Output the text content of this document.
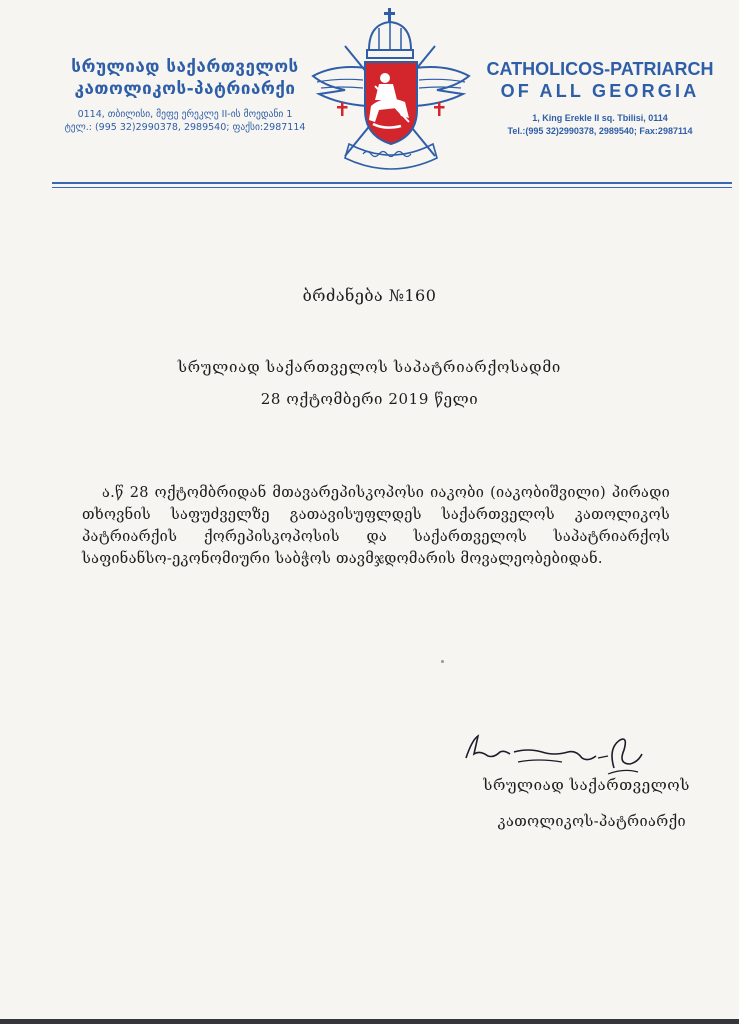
სრულიად საქართველოს
კათოლიკოს-პატრიარქი
0114, თბილისი, მეფე ერეკლე II-ის მოედანი 1
ტელ.: (995 32)2990378, 2989540; ფაქსი:2987114
CATHOLICOS-PATRIARCH
OF ALL GEORGIA
1, King Erekle II sq. Tbilisi, 0114
Tel.:(995 32)2990378, 2989540; Fax:2987114
ბრძანება №160
სრულიად საქართველოს საპატრიარქოსადმი
28 ოქტომბერი 2019 წელი
ა.წ 28 ოქტომბრიდან მთავარეპისკოპოსი იაკობი (იაკობიშვილი) პირადი თხოვნის საფუძველზე გათავისუფლდეს საქართველოს კათოლიკოს პატრიარქის ქორეპისკოპოსის და საქართველოს საპატრიარქოს საფინანსო-ეკონომიური საბჭოს თავმჯდომარის მოვალეობებიდან.
სრულიად საქართველოს
კათოლიკოს-პატრიარქი
